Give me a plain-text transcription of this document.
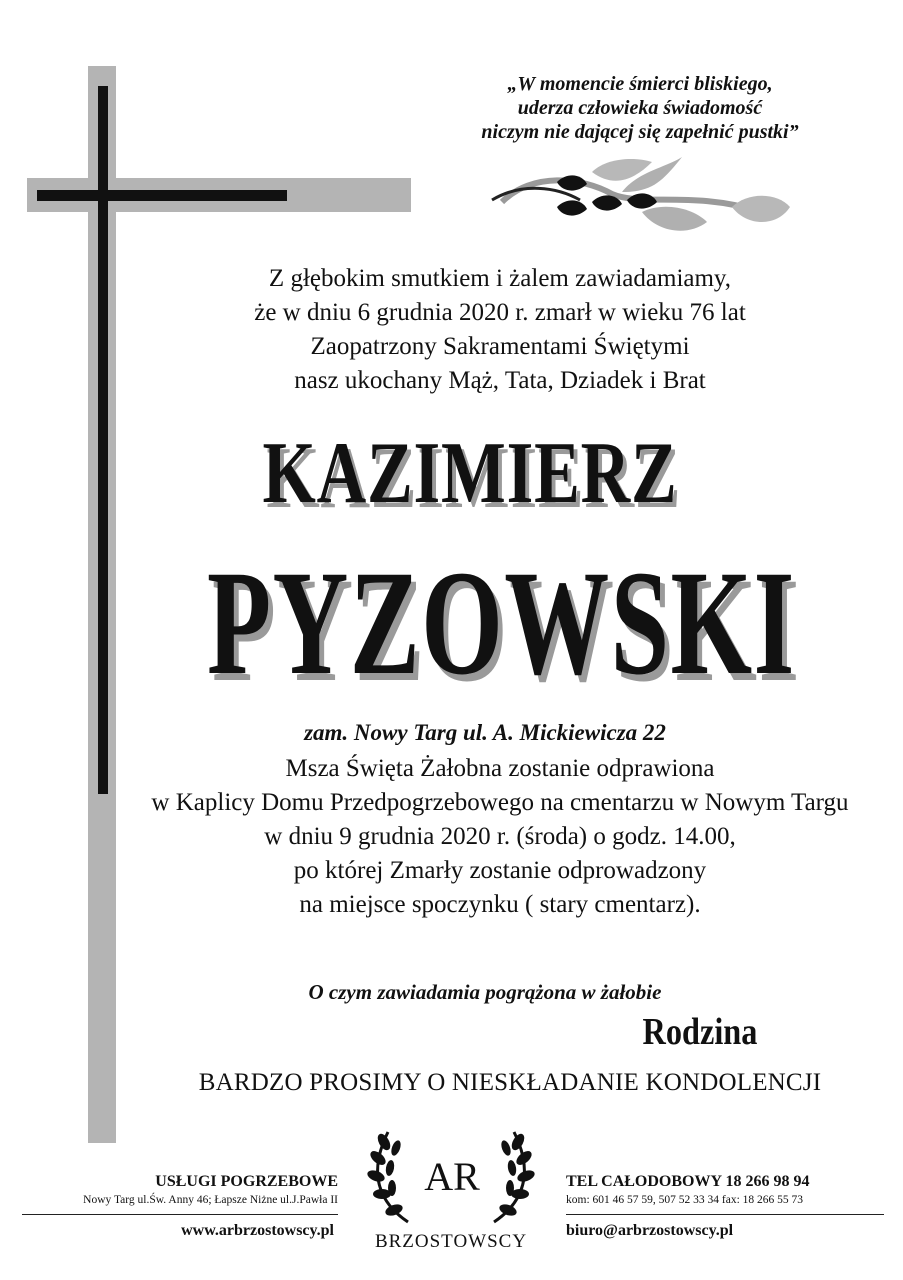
„W momencie śmierci bliskiego,
uderza człowieka świadomość
niczym nie dającej się zapełnić pustki”
Z głębokim smutkiem i żalem zawiadamiamy,
że w dniu 6 grudnia 2020 r. zmarł w wieku 76 lat
Zaopatrzony Sakramentami Świętymi
nasz ukochany Mąż, Tata, Dziadek i Brat
KAZIMIERZ
PYZOWSKI
zam. Nowy Targ ul. A. Mickiewicza 22
Msza Święta Żałobna zostanie odprawiona
w Kaplicy Domu Przedpogrzebowego na cmentarzu w Nowym Targu
w dniu 9 grudnia 2020 r. (środa) o godz. 14.00,
po której Zmarły zostanie odprowadzony
na miejsce spoczynku ( stary cmentarz).
O czym zawiadamia pogrążona w żałobie
Rodzina
BARDZO PROSIMY O NIESKŁADANIE KONDOLENCJI
USŁUGI POGRZEBOWE
Nowy Targ ul.Św. Anny 46; Łapsze Niżne ul.J.Pawła II
www.arbrzostowscy.pl
TEL CAŁODOBOWY 18 266 98 94
kom: 601 46 57 59, 507 52 33 34 fax: 18 266 55 73
biuro@arbrzostowscy.pl
AR
BRZOSTOWSCY
